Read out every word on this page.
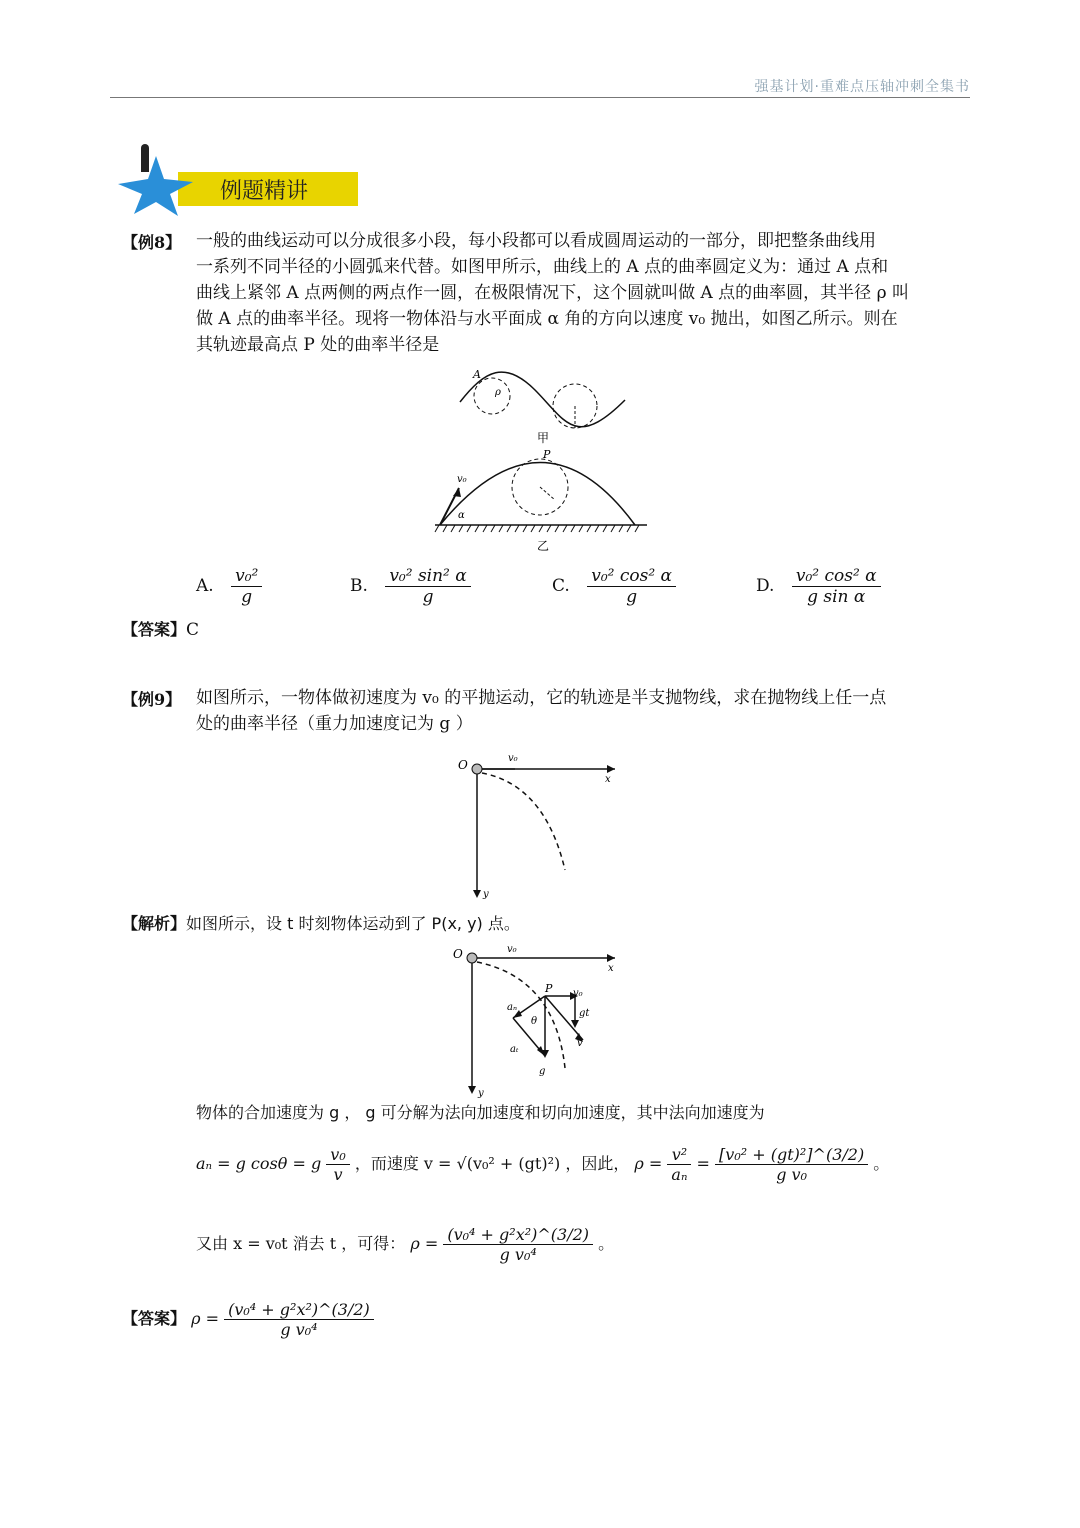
强基计划·重难点压轴冲刺全集书
例题精讲
【例8】 一般的曲线运动可以分成很多小段，每小段都可以看成圆周运动的一部分，即把整条曲线用
一系列不同半径的小圆弧来代替。如图甲所示，曲线上的 A 点的曲率圆定义为：通过 A 点和
曲线上紧邻 A 点两侧的两点作一圆，在极限情况下，这个圆就叫做 A 点的曲率圆，其半径 ρ 叫
做 A 点的曲率半径。现将一物体沿与水平面成 α 角的方向以速度 v₀ 抛出，如图乙所示。则在
其轨迹最高点 P 处的曲率半径是
A
ρ
甲
P
v₀
α
乙
A. $\frac{\text{v₀²}}{g}$	B. $\frac{\text{v₀² sin² α}}{g}$	C. $\frac{\text{v₀² cos² α}}{g}$	D. $\frac{\text{v₀² cos² α}}{\text{g sin α}}$
【答案】C
【例9】 如图所示，一物体做初速度为 v₀ 的平抛运动，它的轨迹是半支抛物线，求在抛物线上任一点
处的曲率半径（重力加速度记为 g ）
O	v₀
x
y
【解析】如图所示，设 t 时刻物体运动到了 P(x, y) 点。
O	v₀
x
y
P
aₙ
θ
aₜ
g
gt
v₀
v
物体的合加速度为 g ， g 可分解为法向加速度和切向加速度，其中法向加速度为
aₙ = g cosθ = g $\frac{\text{v₀}}{v}$ ，而速度 v = √(v₀² + (gt)²) ，因此， $\rho = \frac{\text{v²}}{\text{aₙ}} = \frac{\text{[v₀² + (gt)²]\textasciicircum{}(3/2)}}{\text{g v₀}}$ 。
又由 x = v₀t 消去 t ，可得： $\rho = \frac{\text{(v₀⁴ + g²x²)\textasciicircum{}(3/2)}}{\text{g v₀⁴}}$ 。
【答案】 $\rho = \frac{\text{(v₀⁴ + g²x²)\textasciicircum{}(3/2)}}{\text{g v₀⁴}}$
